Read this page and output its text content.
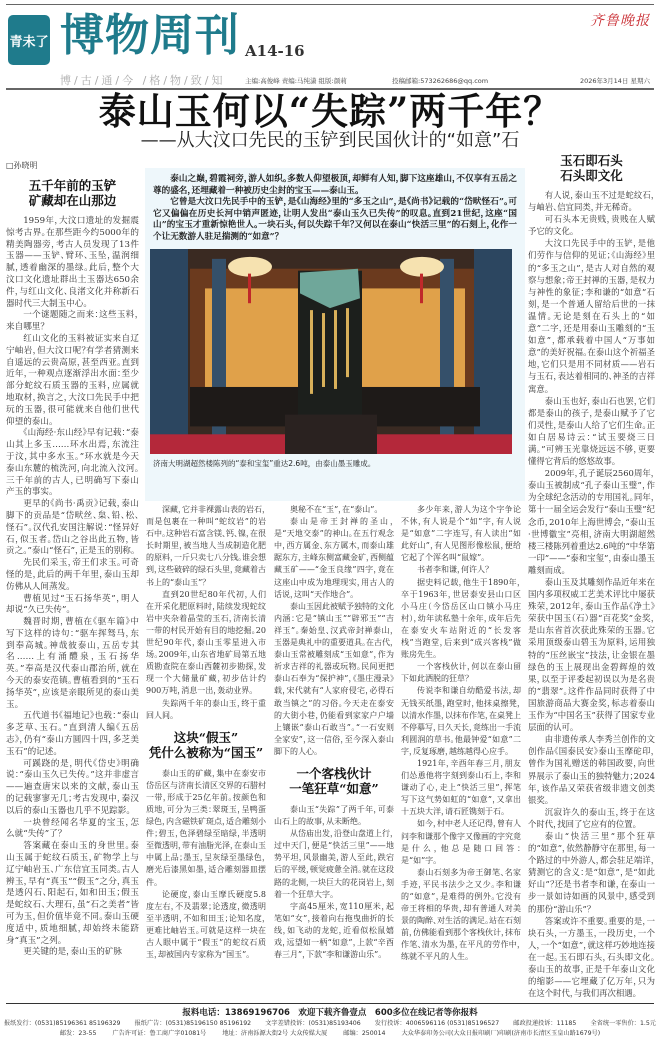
青未了 博物周刊 A14-16
博/古/通/今 /格/物/致/知	主编:高俊峰 责编:马纯潇 组版:颜莉	投稿邮箱:573262686@qq.com
齐鲁晚报
2026年3月14日 星期六
泰山玉何以“失踪”两千年？
——从大汶口先民的玉铲到民国伙计的“如意”石
□孙晓明
五千年前的玉铲
矿藏却在山那边

1959年，大汶口遗址的发掘震惊考古界。在那些距今约5000年的精美陶器旁，考古人员发现了13件玉器——玉铲、臂环、玉坠，温润细腻，透着幽深的墨绿。此后，整个大汶口文化遗址群出土玉器达650余件，与红山文化、良渚文化并称新石器时代三大制玉中心。

一个谜题随之而来：这些玉料，来自哪里？

红山文化的玉料被证实来自辽宁岫岩，但大汶口呢？有学者猜测来自遥远的云贵高原，甚至西亚。直到近年，一种观点逐渐浮出水面：至少部分蛇纹石质玉器的玉料，应属就地取材，换言之，大汶口先民手中把玩的玉器，很可能就来自他们世代仰望的泰山。

《山海经·东山经》早有记载：“泰山其上多玉……环水出焉，东流注于汶，其中多水玉。”环水就是今天泰山东麓的梳洗河，向北流入汶河。三千年前的古人，已明确写下泰山产玉的事实。

更早的《尚书·禹贡》记载，泰山脚下的贡品是“岱畎丝、枲、铅、松、怪石”。汉代孔安国注解说：“怪异好石，似玉者。岱山之谷出此五物，皆贡之。”泰山“怪石”，正是玉的别称。

先民们采玉，帝王们求玉。可奇怪的是，此后的两千年里，泰山玉却仿佛从人间蒸发。

曹植见过“玉石扬华英”，明人却说“久已失传”。

魏晋时期，曹植在《驱车篇》中写下这样的诗句：“驱车挥驽马，东到奉高城。神哉彼泰山，五岳专其名……上有涌醴泉，玉石扬华英。”奉高是汉代泰山郡治所，就在今天的泰安范镇。曹植看到的“玉石扬华英”，应该是亲眼所见的泰山美玉。

五代道书《福地记》也载：“泰山多芝草、玉石。”直到清人编《五岳志》，仍有“泰山方圆四十四，多芝美玉石”的记述。

可蹊跷的是，明代《岱史》明确说：“泰山玉久已失传。”这并非虚言——遍查唐宋以来的文献，泰山玉的记载寥寥无几；考古发现中，秦汉以后的泰山玉器也几乎不见踪影。

一块曾经闻名华夏的宝玉，怎么就“失传”了？

答案藏在泰山玉的身世里。泰山玉属于蛇纹石质玉，矿物学上与辽宁岫岩玉、广东信宜玉同类。古人辨玉，早有“真玉”“假玉”之分，真玉是透闪石、阳起石，如和田玉；假玉是蛇纹石、大理石，虽“石之美者”皆可为玉，但价值毕竟不同。泰山玉硬度适中，质地细腻，却始终未能跻身“真玉”之列。

更关键的是，泰山玉的矿脉

泰山之巅，碧霞祠旁，游人如织。多数人仰望极顶，却鲜有人知，脚下这座雄山，不仅享有五岳之尊的盛名，还埋藏着一种被历史尘封的宝玉——泰山玉。

它曾是大汶口先民手中的玉铲，是《山海经》里的“多玉之山”，是《尚书》记载的“岱畎怪石”。可它又偏偏在历史长河中销声匿迹，让明人发出“泰山玉久已失传”的叹息。直到21世纪，这座“国山”的宝玉才重新惊艳世人。一块石头，何以失踪千年？又何以在泰山“快活三里”的石刻上，化作一个让无数游人驻足揣测的“如意”？

济南大明湖超然楼陈列的“泰和宝玺”重达2.6吨，由泰山墨玉雕成。

深藏，它并非裸露山表的岩石，而是包裹在一种叫“蛇纹岩”的岩石中。这种岩石富含镁、钙、镍，在很长时期里，被当地人当成制造化肥的原料，一斤只卖七八分钱。谁会想到，这些破碎的绿石头里，竟藏着古书上的“泰山玉”？

直到20世纪80年代初，人们在开采化肥原料时，陆续发现蛇纹岩中夹杂着晶莹的玉石，济南长清一带的村民开始有目的地挖掘。20世纪90年代，泰山玉零星进入市场。2009年，山东省地矿局第五地质勘查院在泰山西麓初步勘探，发现一个大储量矿藏，初步估计约900万吨，消息一出，轰动业界。

失踪两千年的泰山玉，终于重回人间。

这块“假玉”
凭什么被称为“国玉”

泰山玉的矿藏，集中在泰安市岱岳区与济南长清区交界的石腊村一带，形成于25亿年前。按颜色和质地，可分为三类：翠斑玉，呈鸭蛋绿色，内含磁铁矿斑点，适合雕刻小件；碧玉，色泽碧绿至暗绿，半透明至微透明，带有油脂光泽，在泰山玉中属上品；墨玉，呈灰绿至墨绿色，磨光后漆黑如墨，适合雕刻器皿摆件。

论硬度，泰山玉摩氏硬度5.8度左右，不及翡翠；论透度，微透明至半透明，不如和田玉；论知名度，更难比岫岩玉。可就是这样一块在古人眼中属于“假玉”的蛇纹石质玉，却被国内专家称为“国玉”。

奥秘不在“玉”，在“泰山”。

泰山是帝王封禅的圣山，是“天地交泰”的神山。在五行观念中，西方属金、东方属木，而泰山雄踞东方，主峰东侧富藏金矿，西侧蕴藏玉矿——“金玉良缘”四字，竟在这座山中成为地理现实，用古人的话说，这叫“天作地合”。

泰山玉因此被赋予独特的文化内涵：它是“镇山玉”“辟邪玉”“吉祥玉”。秦始皇、汉武帝封禅泰山，玉器是典礼中的重要道具。在古代，泰山玉常被雕刻成“玉如意”，作为祈求吉祥的礼器或玩物。民间更把泰山石奉为“保护神”，《墨庄漫录》载，宋代就有“人家府侵宅，必得石敢当镇之”的习俗。今天走在泰安的大街小巷，仍能看到家家户户墙上镶嵌“泰山石敢当”。“一石安则全家安”，这一信俗，至今深入泰山脚下的人心。

一个客栈伙计
一笔狂草“如意”

泰山玉“失踪”了两千年，可泰山石上的故事，从未断绝。

从岱庙出发，沿登山盘道上行，过中天门，便是“快活三里”——地势平坦，风景幽美，游人至此，跌宕后的平缓，顿觉疲惫全消。就在这段路的北侧，一块巨大的花岗岩上，刻着一个狂草大字。

字高45厘米，宽110厘米，起笔如“女”，接着向右拖曳曲折的长线，如飞动的龙蛇，近看似松鼠嬉戏，远望如一柄“如意”，上款“辛酉春三月”，下款“李和谦游山乐”。

多少年来，游人为这个字争论不休，有人说是个“如”字，有人说是“如意”二字连写，有人读出“如此好山”，有人见图形像松鼠，便给它起了个浑名叫“鼠嫁”。

书者李和谦，何许人？

据史料记载，他生于1890年，卒于1963年，世居泰安县山口区小马庄（今岱岳区山口镇小马庄村），幼年读私塾十余年，成年后先在泰安火车站附近的“长发客栈”当跑堂，后来到“成兴客栈”做账房先生。

一个客栈伙计，何以在泰山留下如此洒脱的狂草？

传说李和谦自幼酷爱书法，却无钱买纸墨，跑堂时，他抹桌擦凳，以清水作墨，以抹布作笔，在桌凳上不停摹写，日久天长，竟练出一手流利圆润的草书。他最钟爱“如意”二字，反复琢磨，越练越得心应手。

1921年，辛酉年春三月，朋友们怂恿他将字刻到泰山石上，李和谦动了心，走上“快活三里”，挥笔写下这气势如虹的“如意”，又拿出十五块大洋，请石匠镌刻于石。

如今，村中老人还记得，曾有人问李和谦那个像字又像画的字究竟是什么，他总是随口回答：是“如”字。

泰山石刻多为帝王御笔、名家手迹，平民书法少之又少。李和谦的“如意”，是难得的例外。它没有帝王将相的华贵，却有普通人对美景的陶醉、对生活的满足。站在石刻前，仿佛能看到那个客栈伙计，抹布作笔、清水为墨，在平凡的劳作中，练就不平凡的人生。

玉石即石头
石头即文化

有人说，泰山玉不过是蛇纹石，与岫岩、信宜同类，并无稀奇。

可石头本无贵贱，贵贱在人赋予它的文化。

大汶口先民手中的玉铲，是他们劳作与信仰的见证；《山海经》里的“多玉之山”，是古人对自然的观察与想象；帝王封禅的玉器，是权力与神性的象征；李和谦的“如意”石刻，是一个普通人留给后世的一抹温情。无论是刻在石头上的“如意”二字，还是用泰山玉雕刻的“玉如意”，都承载着中国人“万事如意”的美好祝福。在泰山这个祈福圣地，它们只是用不同材质——岩石与玉石，表达着相同的、神圣的吉祥寓意。

泰山玉也好，泰山石也罢，它们都是泰山的孩子，是泰山赋予了它们灵性，是泰山人给了它们生命。正如白居易诗云：“试玉要烧三日满。”可辨玉光靠烧远远不够，更要懂得它背后的悠悠故事。

2009年，孔子诞辰2560周年，泰山玉被制成“孔子泰山玉璧”，作为全球纪念活动的专用国礼。同年，第十一届全运会发行“泰山玉璧”纪念币，2010年上海世博会，“泰山玉·世博徽宝”亮相，济南大明湖超然楼三楼陈列着重达2.6吨的“中华第一印”——“泰和宝玺”，由泰山墨玉雕刻而成。

泰山玉及其雕刻作品近年来在国内多项权威工艺美术评比中屡获殊荣，2012年，泰山玉作品《净土》荣获中国玉（石）器“百花奖”金奖，是山东省首次获此殊荣的玉器。它采用顶级泰山碧玉为原料，运用独特的“压丝嵌宝”技法，让金银在墨绿色的玉上展现出金碧辉煌的效果，以至于评委起初误以为是名贵的“翡翠”。这件作品同时获得了中国旅游商品大赛金奖，标志着泰山玉作为“中国名玉”获得了国家专业层面的认可。

由非遗传承人李秀兰创作的文创作品《国泰民安》泰山玉摩砣印，曾作为国礼赠送的韩国政要，向世界展示了泰山玉的独特魅力；2024年，该作品又荣获省级非遗文创类银奖。

沉寂许久的泰山玉，终于在这个时代，找回了它应有的位置。

泰山“快活三里”那个狂草的“如意”，依然静静守在那里，每一个路过的中外游人，都会驻足端详，猜测它的含义：是“如意”，是“如此好山”？还是书者李和谦，在泰山一步一景如诗如画的风景中，感受到的那份“游山乐”？

答案或许不重要。重要的是，一块石头，一方墨玉，一段历史，一个人，一个“如意”，就这样巧妙地连接在一起。玉石即石头，石头即文化。泰山玉的故事，正是千年泰山文化的缩影——它埋藏了亿万年，只为在这个时代，与我们再次相遇。

报料电话：13869196706　欢迎下载齐鲁壹点　600多位在线记者等你报料
报纸发行：(0531)85196361 85196329 报纸广告：(0531)85196150 85196192 文字差错投诉：(0531)85193406 发行投诉：4006596116 (0531)85196527 邮政投递投诉：11185 全省统一零售价：1.5元
邮发：23-55	广告许可证：鲁工商广字01081号	地址：济南泺源大街2号 大众传媒大厦	邮编：250014	大众华泰印务公司(大众日报印刷厂)印刷(济南市长清区玉皇山路1679号)
